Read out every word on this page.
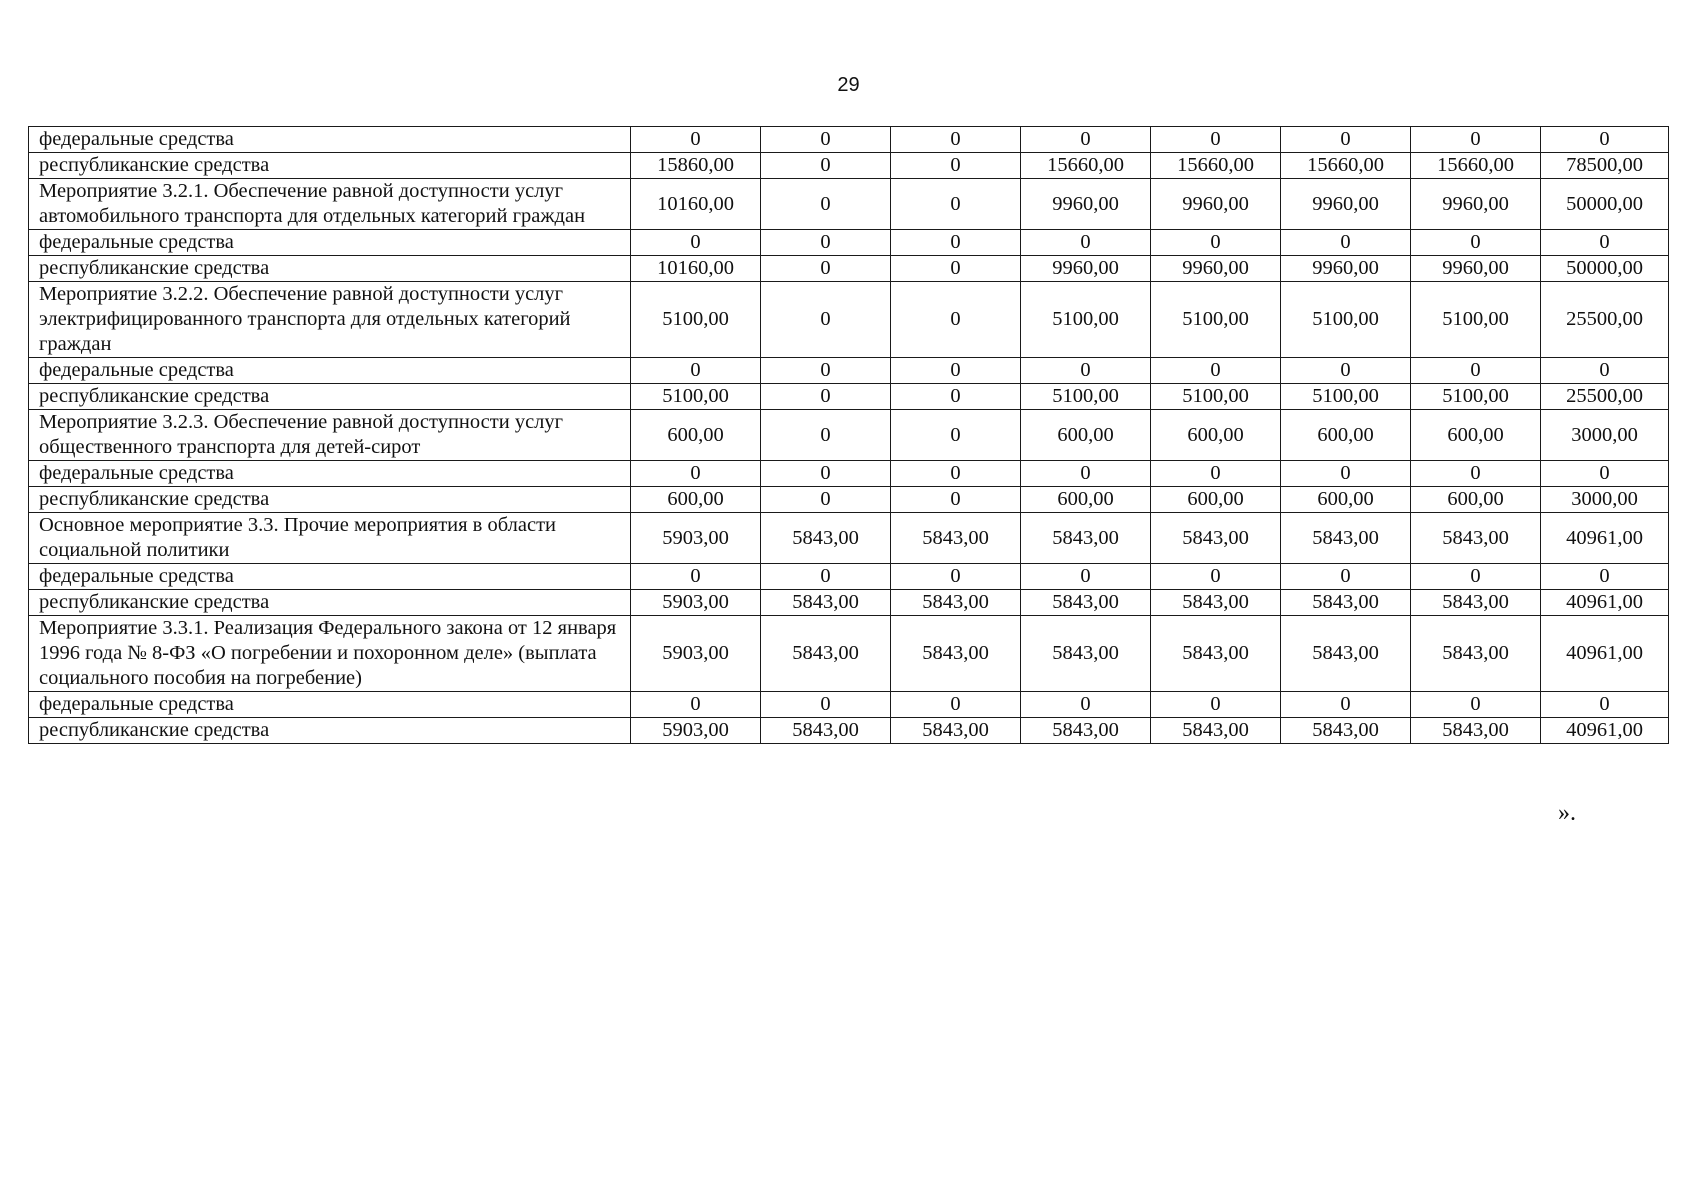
29
федеральные средства	0	0	0	0	0	0	0	0
республиканские средства	15860,00	0	0	15660,00	15660,00	15660,00	15660,00	78500,00
Мероприятие 3.2.1. Обеспечение равной доступности услуг автомобильного транспорта для отдельных категорий граждан	10160,00	0	0	9960,00	9960,00	9960,00	9960,00	50000,00
федеральные средства	0	0	0	0	0	0	0	0
республиканские средства	10160,00	0	0	9960,00	9960,00	9960,00	9960,00	50000,00
Мероприятие 3.2.2. Обеспечение равной доступности услуг электрифицированного транспорта для отдельных категорий граждан	5100,00	0	0	5100,00	5100,00	5100,00	5100,00	25500,00
федеральные средства	0	0	0	0	0	0	0	0
республиканские средства	5100,00	0	0	5100,00	5100,00	5100,00	5100,00	25500,00
Мероприятие 3.2.3. Обеспечение равной доступности услуг общественного транспорта для детей-сирот	600,00	0	0	600,00	600,00	600,00	600,00	3000,00
федеральные средства	0	0	0	0	0	0	0	0
республиканские средства	600,00	0	0	600,00	600,00	600,00	600,00	3000,00
Основное мероприятие 3.3. Прочие мероприятия в области социальной политики	5903,00	5843,00	5843,00	5843,00	5843,00	5843,00	5843,00	40961,00
федеральные средства	0	0	0	0	0	0	0	0
республиканские средства	5903,00	5843,00	5843,00	5843,00	5843,00	5843,00	5843,00	40961,00
Мероприятие 3.3.1. Реализация Федерального закона от 12 января 1996 года № 8-ФЗ «О погребении и похоронном деле» (выплата социального пособия на погребение)	5903,00	5843,00	5843,00	5843,00	5843,00	5843,00	5843,00	40961,00
федеральные средства	0	0	0	0	0	0	0	0
республиканские средства	5903,00	5843,00	5843,00	5843,00	5843,00	5843,00	5843,00	40961,00
».
